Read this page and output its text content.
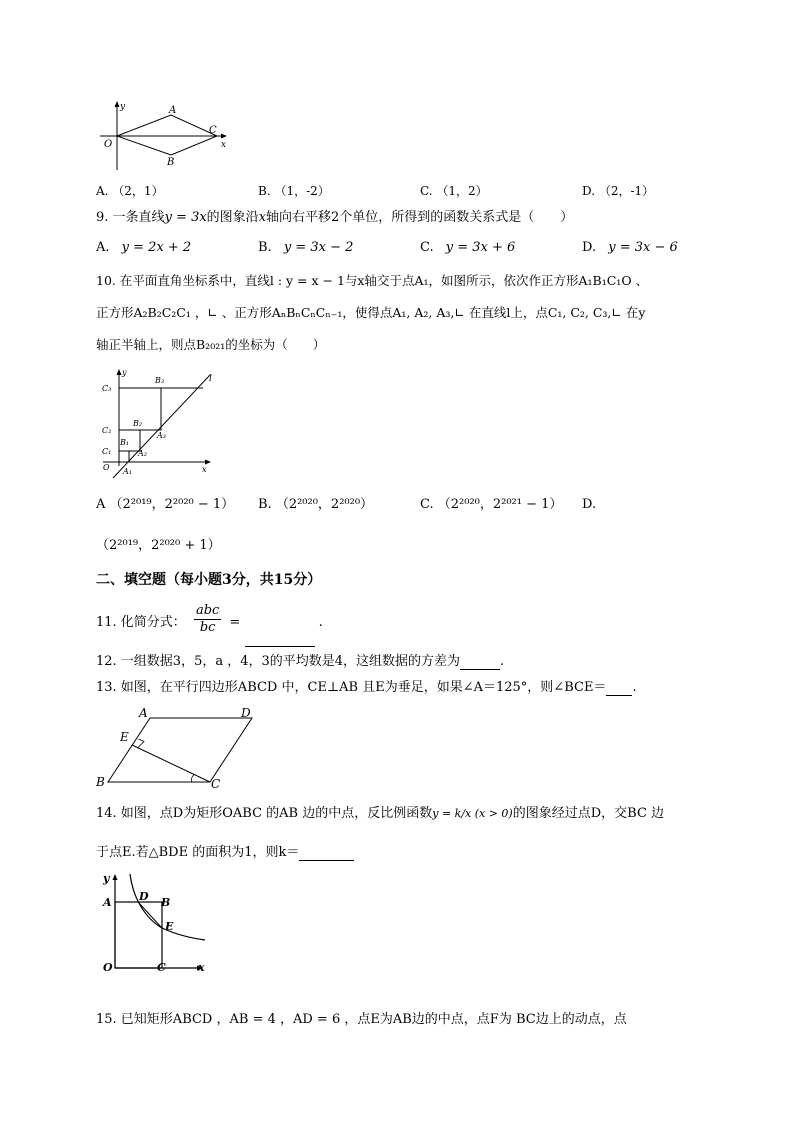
y	A
O
C
x
B
A. （2，1）	B. （1，-2）	C. （1，2）	D. （2，-1）
9. 一条直线y = 3x的图象沿x轴向右平移2个单位，所得到的函数关系式是（　　）
A. y = 2x + 2	B. y = 3x − 2	C. y = 3x + 6	D. y = 3x − 6
10. 在平面直角坐标系中，直线l : y = x − 1与x轴交于点A₁，如图所示，依次作正方形A₁B₁C₁O 、
正方形A₂B₂C₂C₁ ，∟ 、正方形AₙBₙCₙCₙ₋₁，使得点A₁, A₂, A₃,∟ 在直线l上，点C₁, C₂, C₃,∟ 在y
轴正半轴上，则点B₂₀₂₁的坐标为（　　）
y
C₃
B₃	l
B₂
A₃
C₂
B₁
A₂
C₁
O A₁	x
A （2²⁰¹⁹，2²⁰²⁰ − 1） B. （2²⁰²⁰，2²⁰²⁰）	C. （2²⁰²⁰，2²⁰²¹ − 1） D.
（2²⁰¹⁹，2²⁰²⁰ + 1）
二、填空题（每小题3分，共15分）
11. 化简分式：
abc
bc	=	.
12. 一组数据3，5，a ，4，3的平均数是4，这组数据的方差为	.
13. 如图，在平行四边形ABCD 中，CE⊥AB 且E为垂足，如果∠A＝125°，则∠BCE＝ .
A	D
E
B	C
14. 如图，点D为矩形OABC 的AB 边的中点，反比例函数y = k/x (x > 0)的图象经过点D，交BC 边
于点E.若△BDE 的面积为1，则k＝
y
A D B
E
O	C	x
15. 已知矩形ABCD ，AB = 4 ，AD = 6 ，点E为AB边的中点，点F为 BC边上的动点，点
